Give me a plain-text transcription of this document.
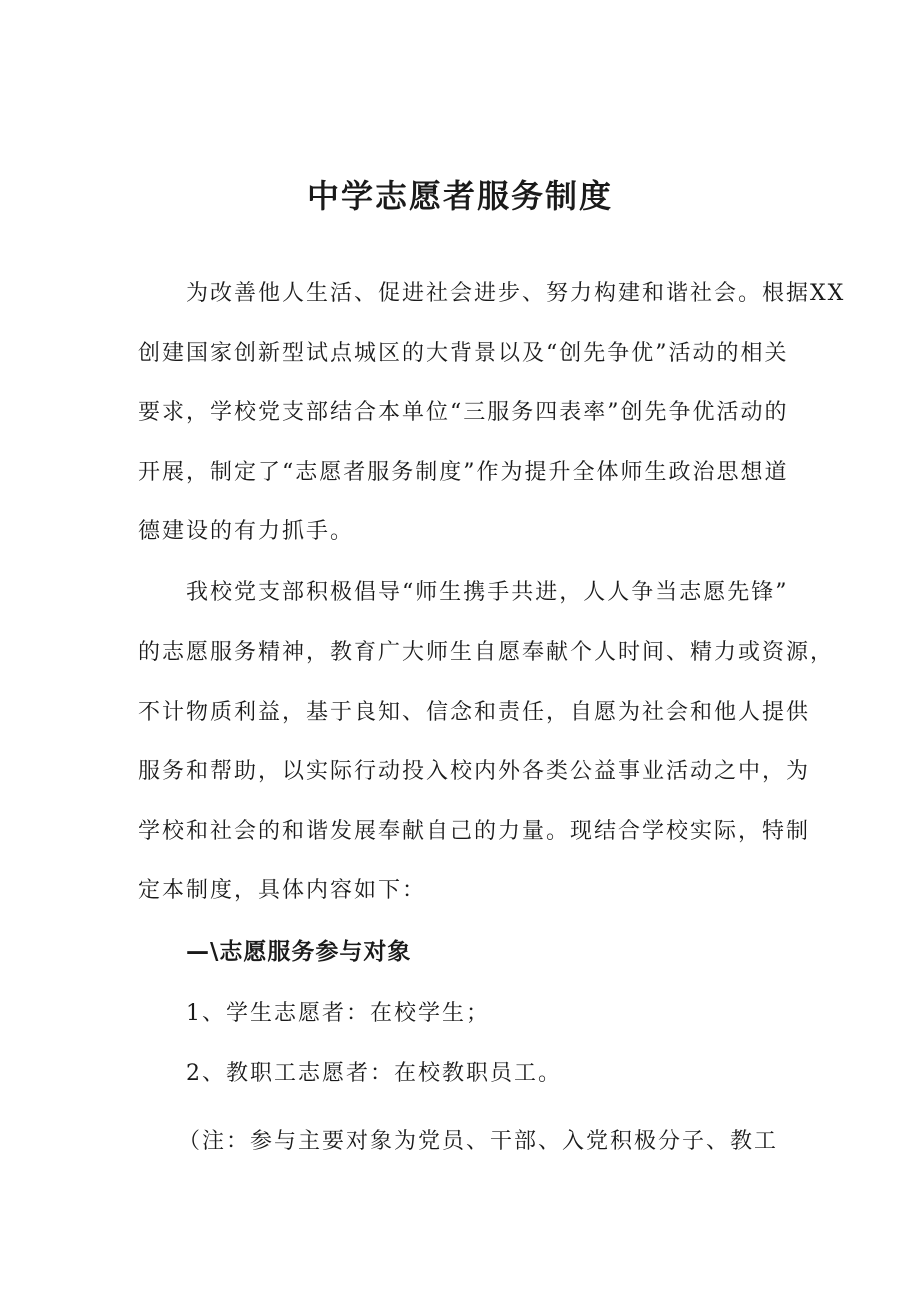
中学志愿者服务制度

为改善他人生活、促进社会进步、努力构建和谐社会。根据XX

创建国家创新型试点城区的大背景以及“创先争优”活动的相关

要求，学校党支部结合本单位“三服务四表率”创先争优活动的

开展，制定了“志愿者服务制度”作为提升全体师生政治思想道

德建设的有力抓手。

我校党支部积极倡导“师生携手共进，人人争当志愿先锋”

的志愿服务精神，教育广大师生自愿奉献个人时间、精力或资源，

不计物质利益，基于良知、信念和责任，自愿为社会和他人提供

服务和帮助，以实际行动投入校内外各类公益事业活动之中，为

学校和社会的和谐发展奉献自己的力量。现结合学校实际，特制

定本制度，具体内容如下：

—\志愿服务参与对象

1、学生志愿者：在校学生；

2、教职工志愿者：在校教职员工。

（注：参与主要对象为党员、干部、入党积极分子、教工
